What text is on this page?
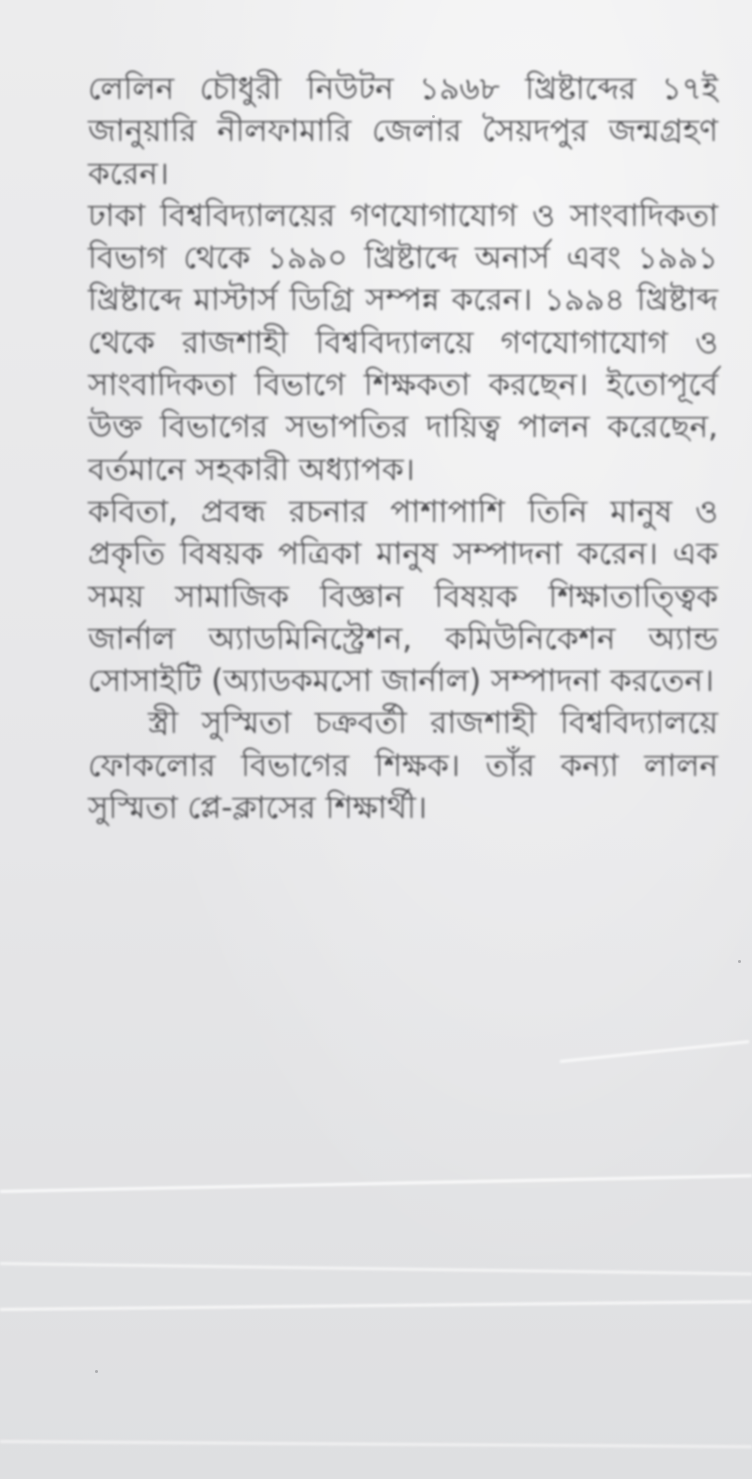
লেলিন চৌধুরী নিউটন ১৯৬৮ খ্রিষ্টাব্দের ১৭ই জানুয়ারি নীলফামারি জেলার সৈয়দপুর জন্মগ্রহণ করেন।

ঢাকা বিশ্ববিদ্যালয়ের গণযোগাযোগ ও সাংবাদিকতা বিভাগ থেকে ১৯৯০ খ্রিষ্টাব্দে অনার্স এবং ১৯৯১ খ্রিষ্টাব্দে মাস্টার্স ডিগ্রি সম্পন্ন করেন। ১৯৯৪ খ্রিষ্টাব্দ থেকে রাজশাহী বিশ্ববিদ্যালয়ে গণযোগাযোগ ও সাংবাদিকতা বিভাগে শিক্ষকতা করছেন। ইতোপূর্বে উক্ত বিভাগের সভাপতির দায়িত্ব পালন করেছেন, বর্তমানে সহকারী অধ্যাপক।

কবিতা, প্রবন্ধ রচনার পাশাপাশি তিনি মানুষ ও প্রকৃতি বিষয়ক পত্রিকা মানুষ সম্পাদনা করেন। এক সময় সামাজিক বিজ্ঞান বিষয়ক শিক্ষাতাত্ত্বিক জার্নাল অ্যাডমিনিস্ট্রেশন, কমিউনিকেশন অ্যান্ড সোসাইটি (অ্যাডকমসো জার্নাল) সম্পাদনা করতেন।

স্ত্রী সুস্মিতা চক্রবর্তী রাজশাহী বিশ্ববিদ্যালয়ে ফোকলোর বিভাগের শিক্ষক। তাঁর কন্যা লালন সুস্মিতা প্লে-ক্লাসের শিক্ষার্থী।
